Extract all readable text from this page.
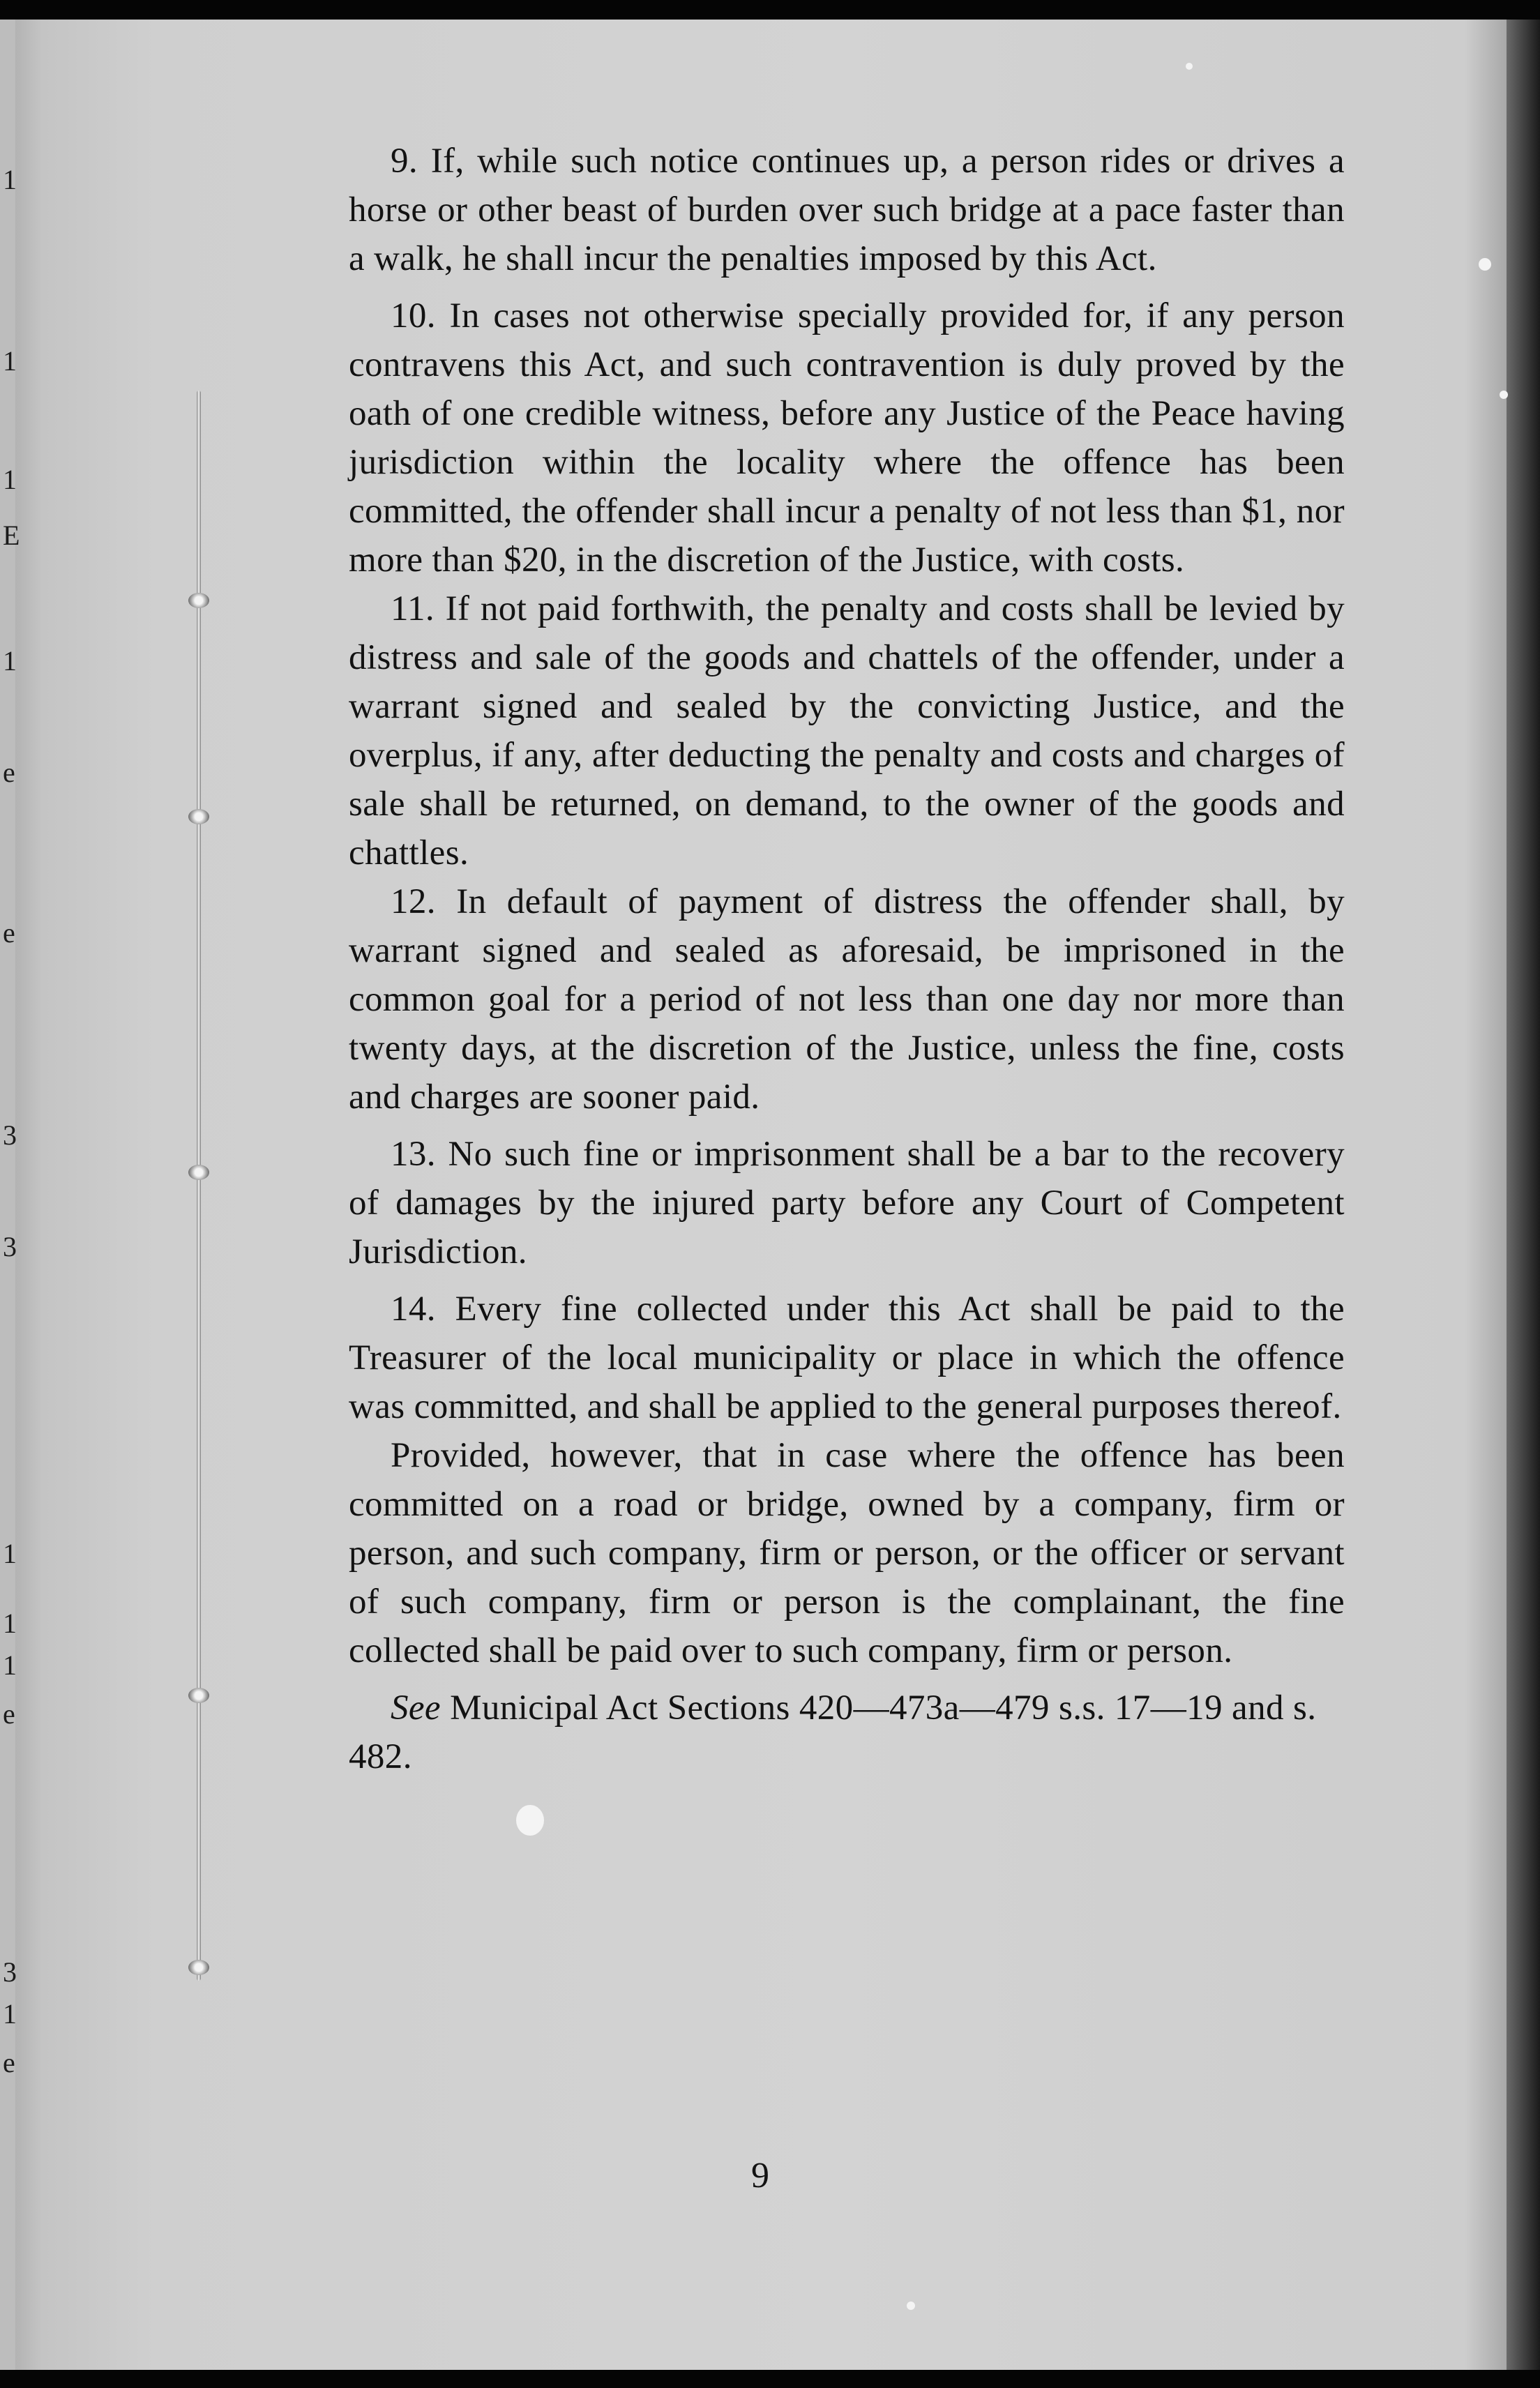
1
1
1
E
1
e
e
3
3
1
1
1
e
3
1
e

9. If, while such notice continues up, a person rides or drives a horse or other beast of burden over such bridge at a pace faster than a walk, he shall incur the penalties imposed by this Act.

10. In cases not otherwise specially provided for, if any person contravens this Act, and such contravention is duly proved by the oath of one credible witness, before any Justice of the Peace having jurisdiction within the locality where the offence has been committed, the offender shall incur a penalty of not less than $1, nor more than $20, in the discretion of the Justice, with costs.

11. If not paid forthwith, the penalty and costs shall be levied by distress and sale of the goods and chattels of the offender, under a warrant signed and sealed by the convicting Justice, and the overplus, if any, after deducting the penalty and costs and charges of sale shall be returned, on demand, to the owner of the goods and chattles.

12. In default of payment of distress the offender shall, by warrant signed and sealed as aforesaid, be imprisoned in the common goal for a period of not less than one day nor more than twenty days, at the discretion of the Justice, unless the fine, costs and charges are sooner paid.

13. No such fine or imprisonment shall be a bar to the recovery of damages by the injured party before any Court of Competent Jurisdiction.

14. Every fine collected under this Act shall be paid to the Treasurer of the local municipality or place in which the offence was committed, and shall be applied to the general purposes thereof.

Provided, however, that in case where the offence has been committed on a road or bridge, owned by a company, firm or person, and such company, firm or person, or the officer or servant of such company, firm or person is the complainant, the fine collected shall be paid over to such company, firm or person.

See Municipal Act Sections 420—473a—479 s.s. 17—19 and s. 482.

9
